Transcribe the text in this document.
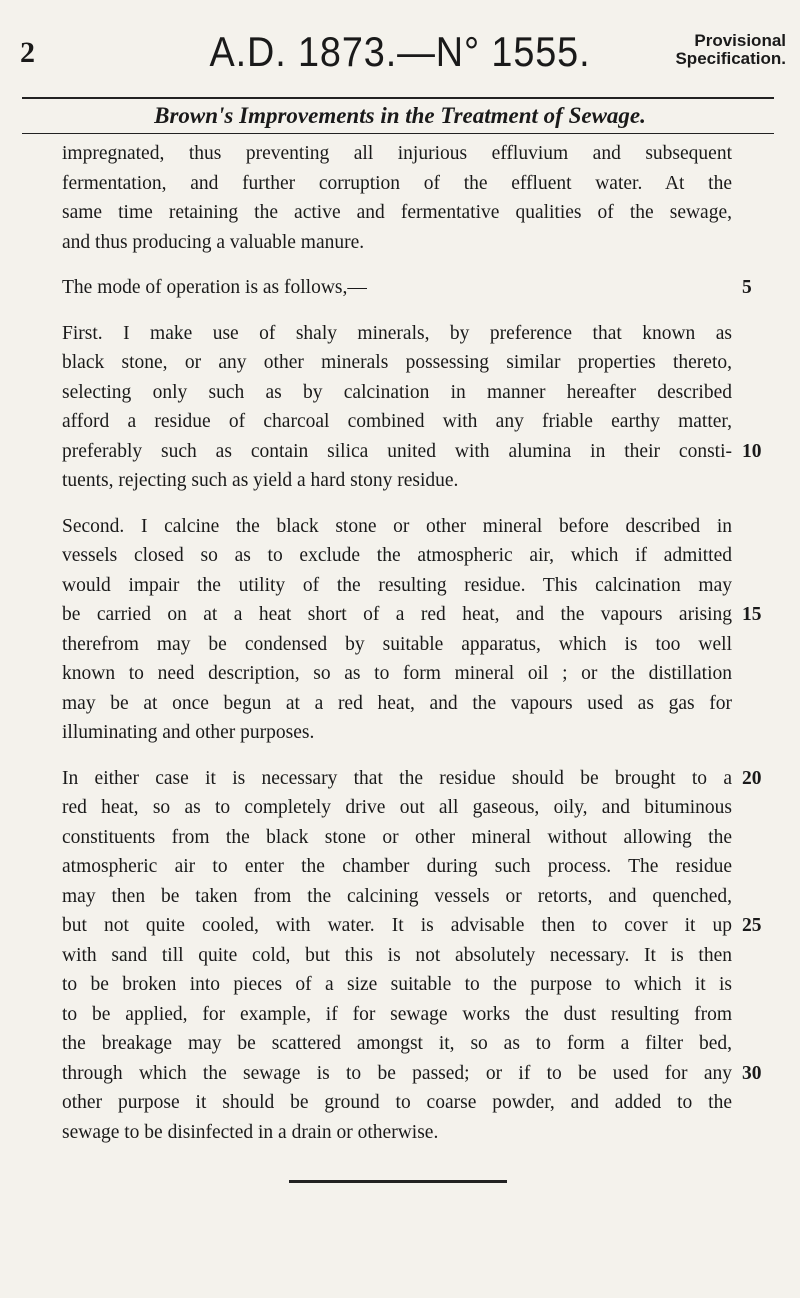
2	A.D. 1873.—N° 1555.	Provisional
Specification.
Brown's Improvements in the Treatment of Sewage.
impregnated, thus preventing all injurious effluvium and subsequent
fermentation, and further corruption of the effluent water. At the
same time retaining the active and fermentative qualities of the sewage,
and thus producing a valuable manure.
The mode of operation is as follows,—	5
First. I make use of shaly minerals, by preference that known as
black stone, or any other minerals possessing similar properties thereto,
selecting only such as by calcination in manner hereafter described
afford a residue of charcoal combined with any friable earthy matter,
preferably such as contain silica united with alumina in their consti- 10
tuents, rejecting such as yield a hard stony residue.
Second. I calcine the black stone or other mineral before described in
vessels closed so as to exclude the atmospheric air, which if admitted
would impair the utility of the resulting residue. This calcination may
be carried on at a heat short of a red heat, and the vapours arising 15
therefrom may be condensed by suitable apparatus, which is too well
known to need description, so as to form mineral oil ; or the distillation
may be at once begun at a red heat, and the vapours used as gas for
illuminating and other purposes.
In either case it is necessary that the residue should be brought to a 20
red heat, so as to completely drive out all gaseous, oily, and bituminous
constituents from the black stone or other mineral without allowing the
atmospheric air to enter the chamber during such process. The residue
may then be taken from the calcining vessels or retorts, and quenched,
but not quite cooled, with water. It is advisable then to cover it up 25
with sand till quite cold, but this is not absolutely necessary. It is then
to be broken into pieces of a size suitable to the purpose to which it is
to be applied, for example, if for sewage works the dust resulting from
the breakage may be scattered amongst it, so as to form a filter bed,
through which the sewage is to be passed; or if to be used for any 30
other purpose it should be ground to coarse powder, and added to the
sewage to be disinfected in a drain or otherwise.
